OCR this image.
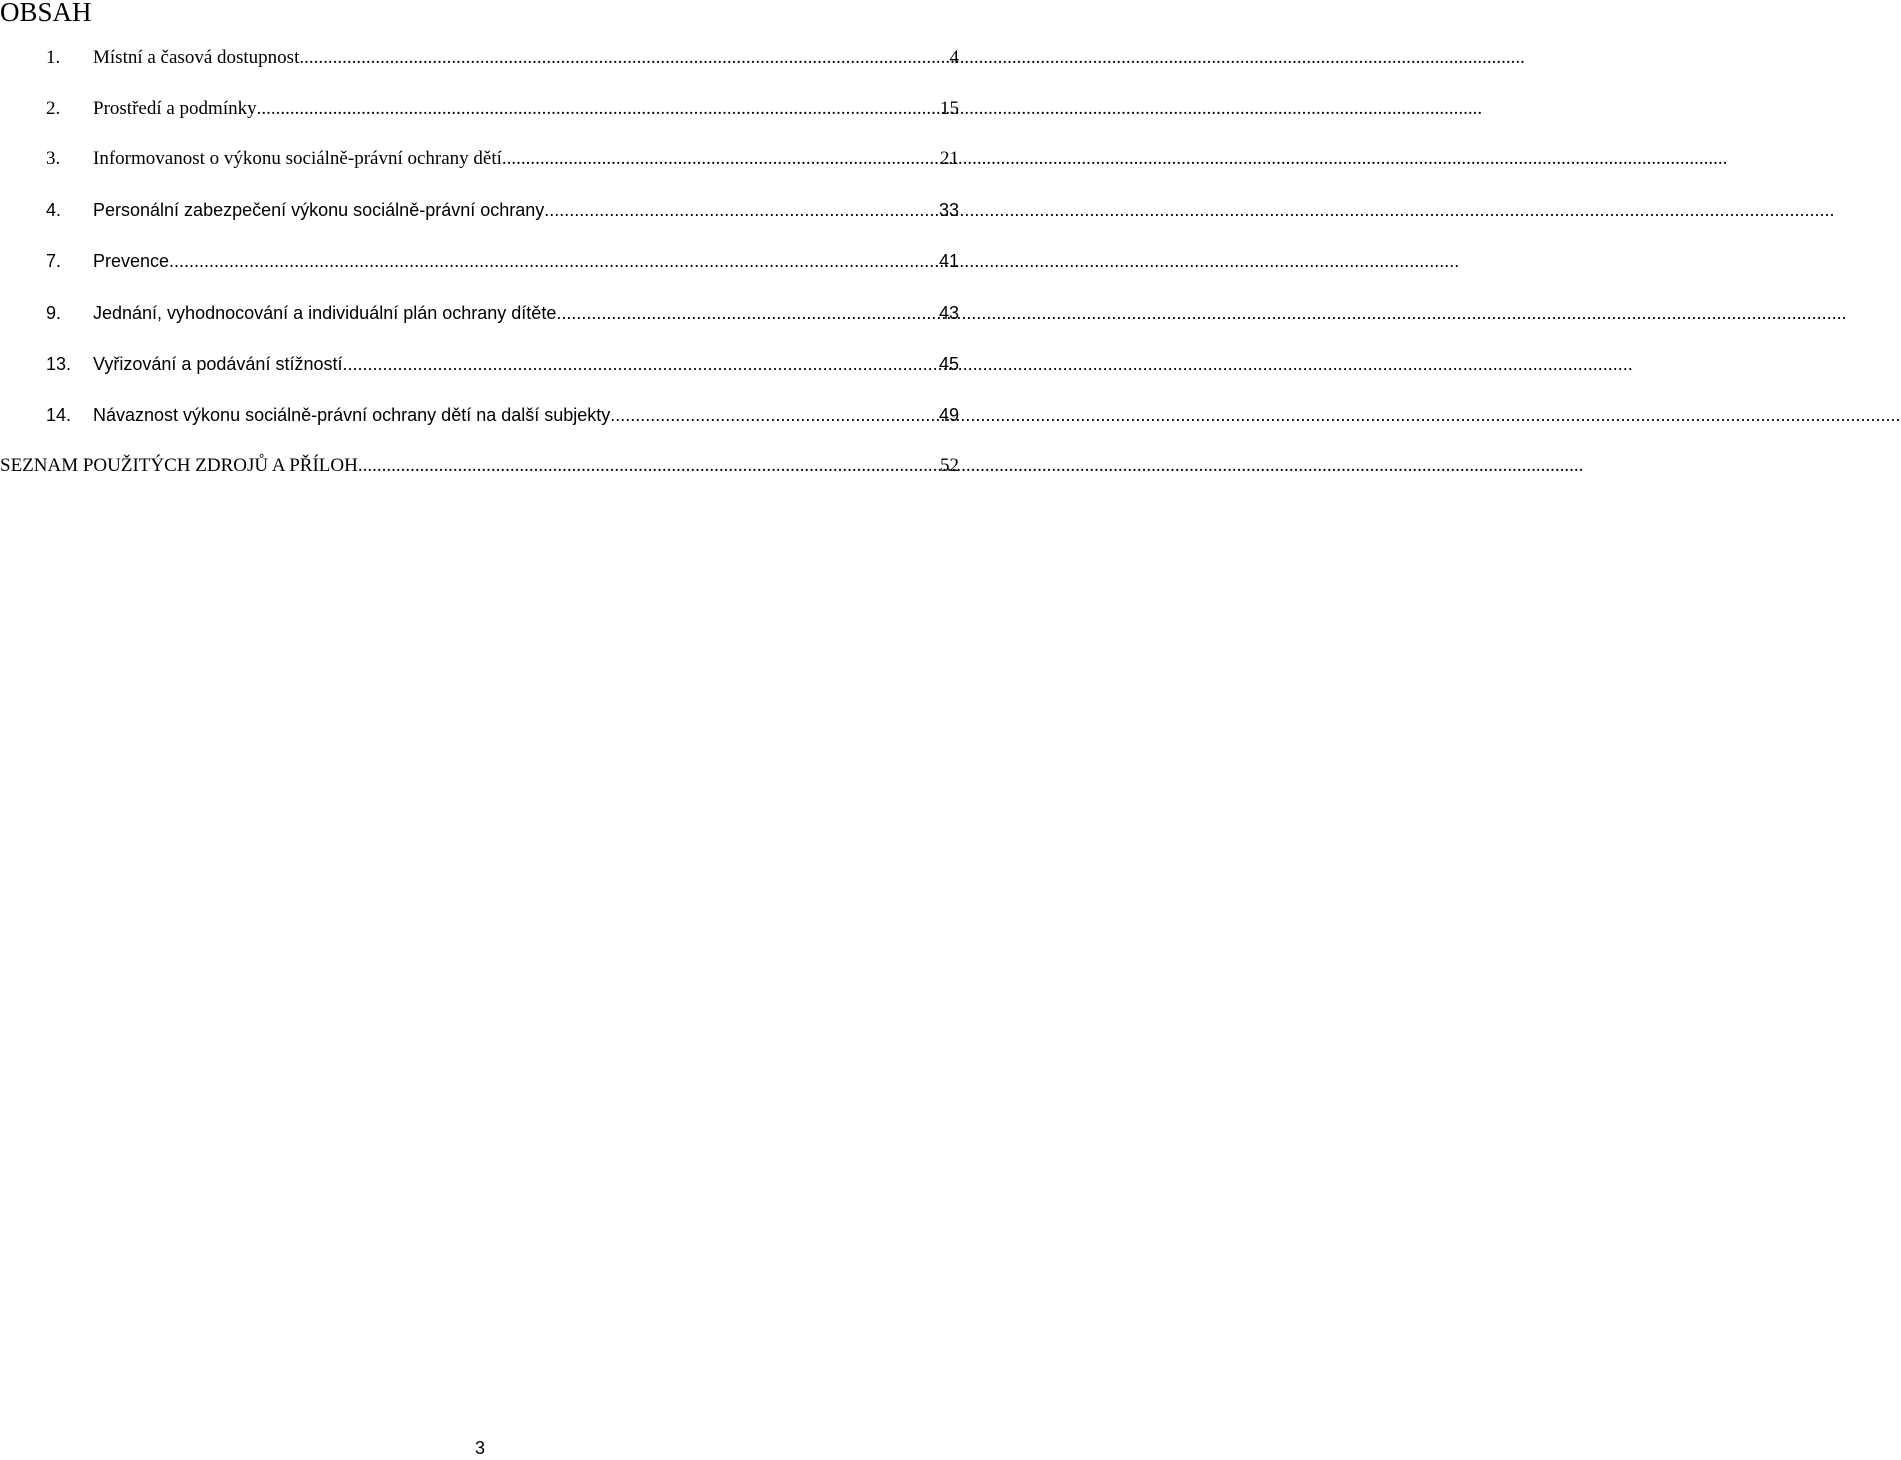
OBSAH
1.	Místní a časová dostupnost .....	4
2.	Prostředí a podmínky .....	15
3.	Informovanost o výkonu sociálně-právní ochrany dětí .....	21
4.	Personální zabezpečení výkonu sociálně-právní ochrany .....	33
7.	Prevence .....	41
9.	Jednání, vyhodnocování a individuální plán ochrany dítěte .....	43
13.	Vyřizování a podávání stížností .....	45
14.	Návaznost výkonu sociálně-právní ochrany dětí na další subjekty .....	49
SEZNAM POUŽITÝCH ZDROJŮ A PŘÍLOH .....	52
3
